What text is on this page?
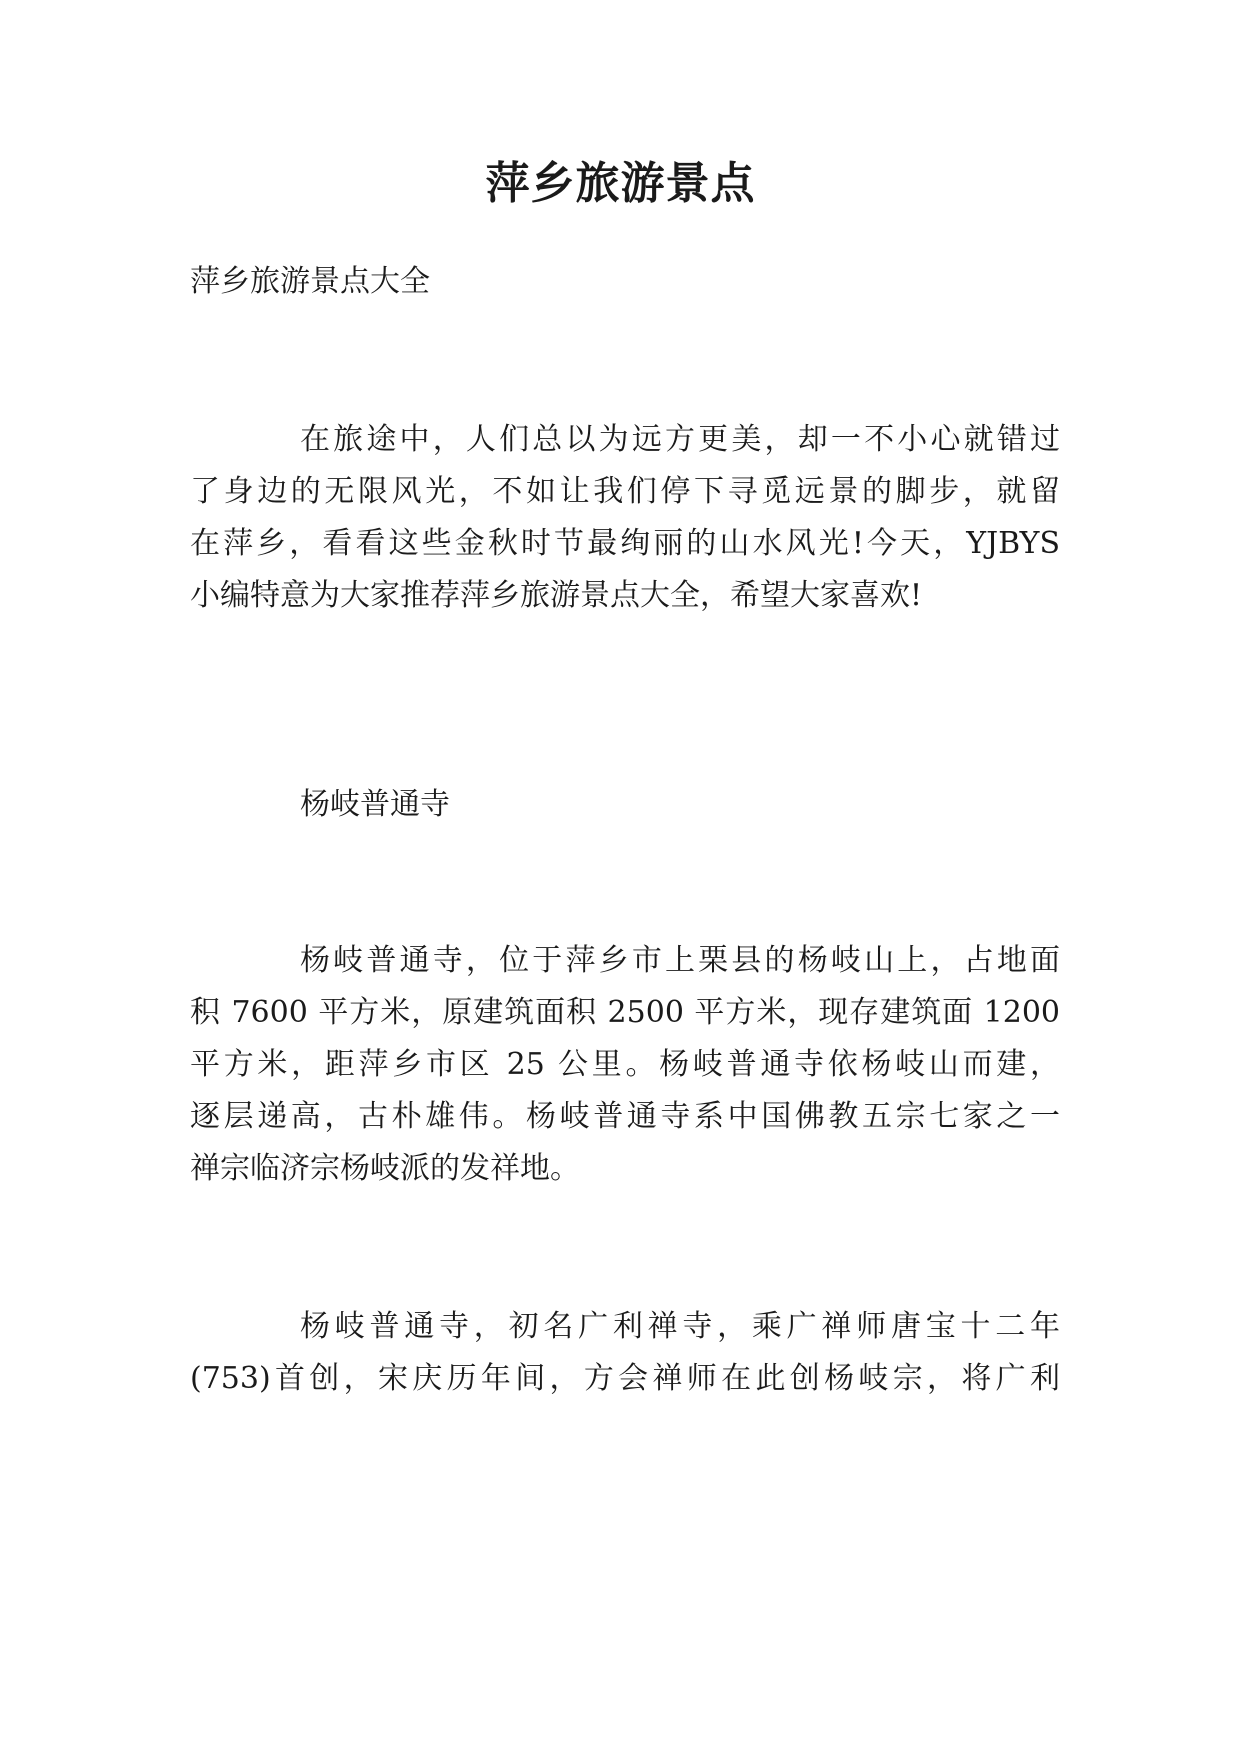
萍乡旅游景点

萍乡旅游景点大全

在旅途中，人们总以为远方更美，却一不小心就错过

了身边的无限风光，不如让我们停下寻觅远景的脚步，就留

在萍乡，看看这些金秋时节最绚丽的山水风光!今天，YJBYS

小编特意为大家推荐萍乡旅游景点大全，希望大家喜欢!

杨岐普通寺

杨岐普通寺，位于萍乡市上栗县的杨岐山上，占地面

积 7600 平方米，原建筑面积 2500 平方米，现存建筑面 1200

平方米，距萍乡市区 25 公里。杨岐普通寺依杨岐山而建，

逐层递高，古朴雄伟。杨岐普通寺系中国佛教五宗七家之一

禅宗临济宗杨岐派的发祥地。

杨岐普通寺，初名广利禅寺，乘广禅师唐宝十二年

(753)首创，宋庆历年间，方会禅师在此创杨岐宗，将广利
